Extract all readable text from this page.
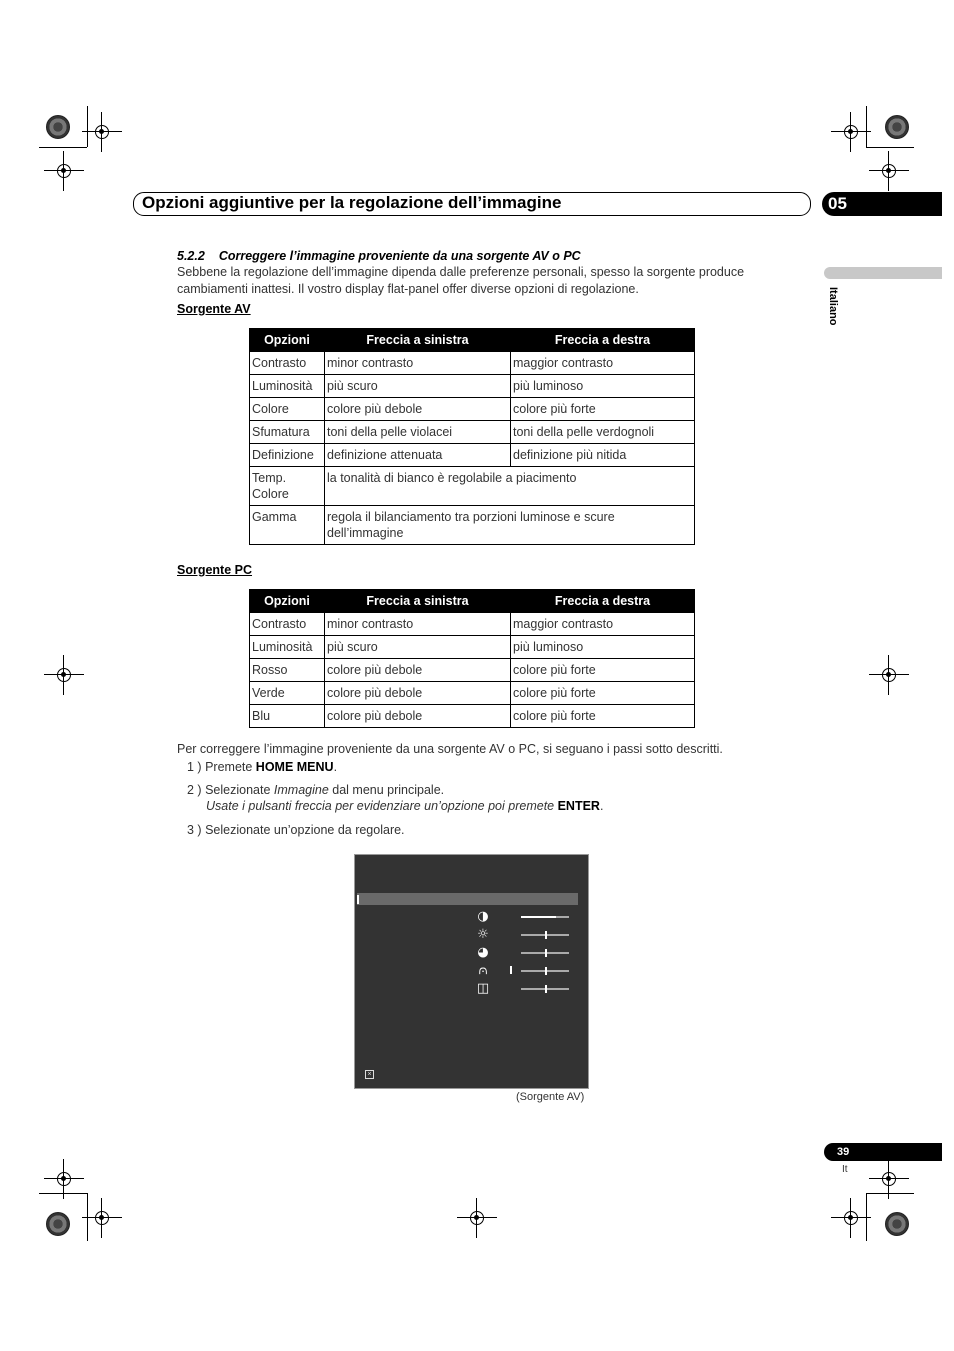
Opzioni aggiuntive per la regolazione dell’immagine	05
Italiano
5.2.2 Correggere l’immagine proveniente da una sorgente AV o PC
Sebbene la regolazione dell’immagine dipenda dalle preferenze personali, spesso la sorgente produce
cambiamenti inattesi. Il vostro display flat-panel offer diverse opzioni di regolazione.
Sorgente AV
Opzioni	Freccia a sinistra	Freccia a destra
Contrasto	minor contrasto	maggior contrasto
Luminosità	più scuro	più luminoso
Colore	colore più debole	colore più forte
Sfumatura	toni della pelle violacei	toni della pelle verdognoli
Definizione	definizione attenuata	definizione più nitida

Temp.
Colore	la tonalità di bianco è regolabile a piacimento	
Gamma	regola il bilanciamento tra porzioni luminose e scure
dell’immagine	
Sorgente PC
Opzioni	Freccia a sinistra	Freccia a destra
Contrasto	minor contrasto	maggior contrasto
Luminosità	più scuro	più luminoso
Rosso	colore più debole	colore più forte
Verde	colore più debole	colore più forte
Blu	colore più debole	colore più forte
Per correggere l’immagine proveniente da una sorgente AV o PC, si seguano i passi sotto descritti.
1 ) Premete HOME MENU.
2 ) Selezionate Immagine dal menu principale.
Usate i pulsanti freccia per evidenziare un’opzione poi premete ENTER.
3 ) Selezionate un’opzione da regolare.
◑
☼
◕
⩀
◫
×
(Sorgente AV)
39
It
